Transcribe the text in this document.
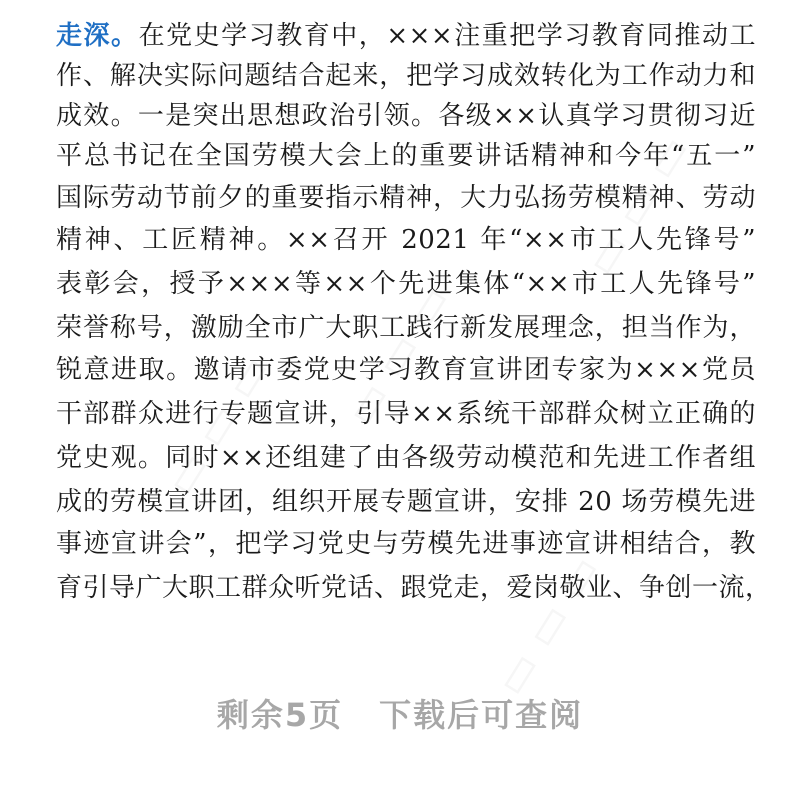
走深。在党史学习教育中，×××注重把学习教育同推动工
作、解决实际问题结合起来，把学习成效转化为工作动力和
成效。一是突出思想政治引领。各级××认真学习贯彻习近
平总书记在全国劳模大会上的重要讲话精神和今年“五一”
国际劳动节前夕的重要指示精神，大力弘扬劳模精神、劳动
精神、工匠精神。××召开 2021 年“××市工人先锋号”
表彰会，授予×××等××个先进集体“××市工人先锋号”
荣誉称号，激励全市广大职工践行新发展理念，担当作为，
锐意进取。邀请市委党史学习教育宣讲团专家为×××党员
干部群众进行专题宣讲，引导××系统干部群众树立正确的
党史观。同时××还组建了由各级劳动模范和先进工作者组
成的劳模宣讲团，组织开展专题宣讲，安排 20 场劳模先进
事迹宣讲会”，把学习党史与劳模先进事迹宣讲相结合，教
育引导广大职工群众听党话、跟党走，爱岗敬业、争创一流，
▭ ▭ ▭ ▭ ▭ ▭
▭ ▭ ▭
▭ ▭ ▭
剩余5页 下载后可查阅
